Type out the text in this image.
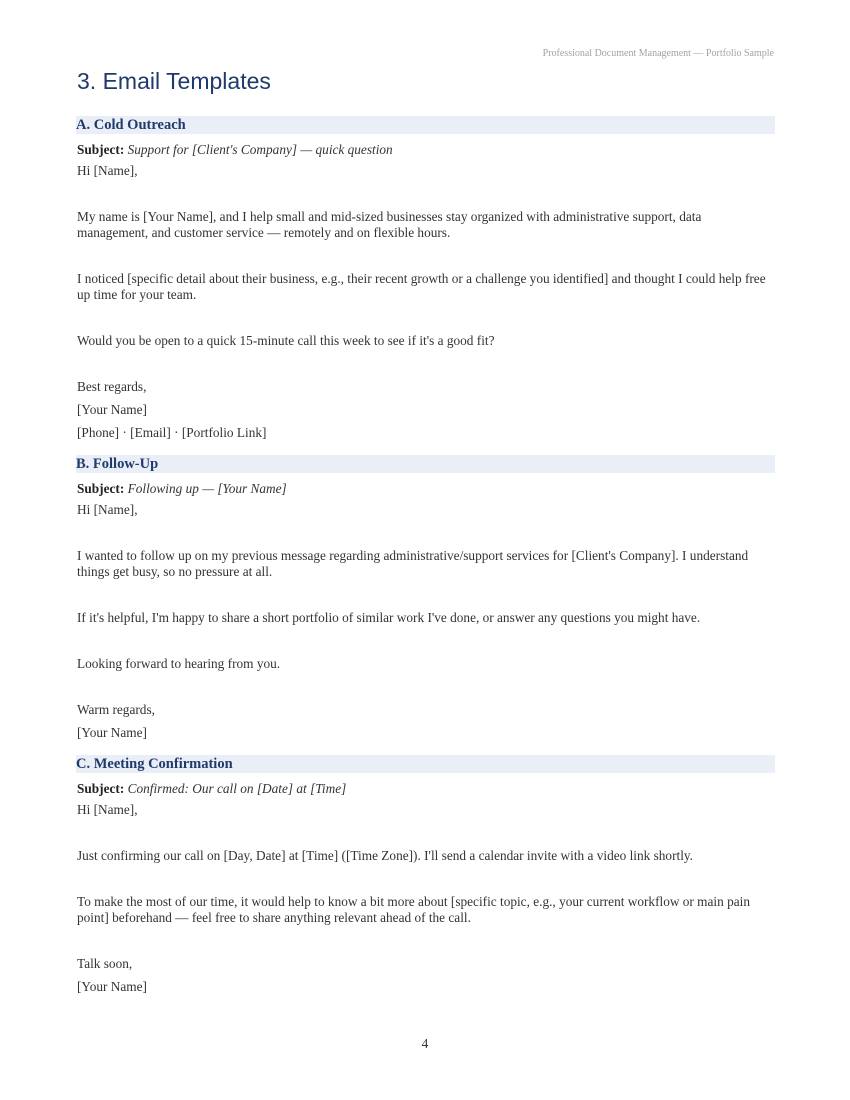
Professional Document Management — Portfolio Sample
3. Email Templates
A. Cold Outreach

Subject: Support for [Client's Company] — quick question

Hi [Name],

My name is [Your Name], and I help small and mid-sized businesses stay organized with administrative support, data management, and customer service — remotely and on flexible hours.

I noticed [specific detail about their business, e.g., their recent growth or a challenge you identified] and thought I could help free up time for your team.

Would you be open to a quick 15-minute call this week to see if it's a good fit?

Best regards,

[Your Name]

[Phone] · [Email] · [Portfolio Link]

B. Follow-Up

Subject: Following up — [Your Name]

Hi [Name],

I wanted to follow up on my previous message regarding administrative/support services for [Client's Company]. I understand things get busy, so no pressure at all.

If it's helpful, I'm happy to share a short portfolio of similar work I've done, or answer any questions you might have.

Looking forward to hearing from you.

Warm regards,

[Your Name]

C. Meeting Confirmation

Subject: Confirmed: Our call on [Date] at [Time]

Hi [Name],

Just confirming our call on [Day, Date] at [Time] ([Time Zone]). I'll send a calendar invite with a video link shortly.

To make the most of our time, it would help to know a bit more about [specific topic, e.g., your current workflow or main pain point] beforehand — feel free to share anything relevant ahead of the call.

Talk soon,

[Your Name]

4
